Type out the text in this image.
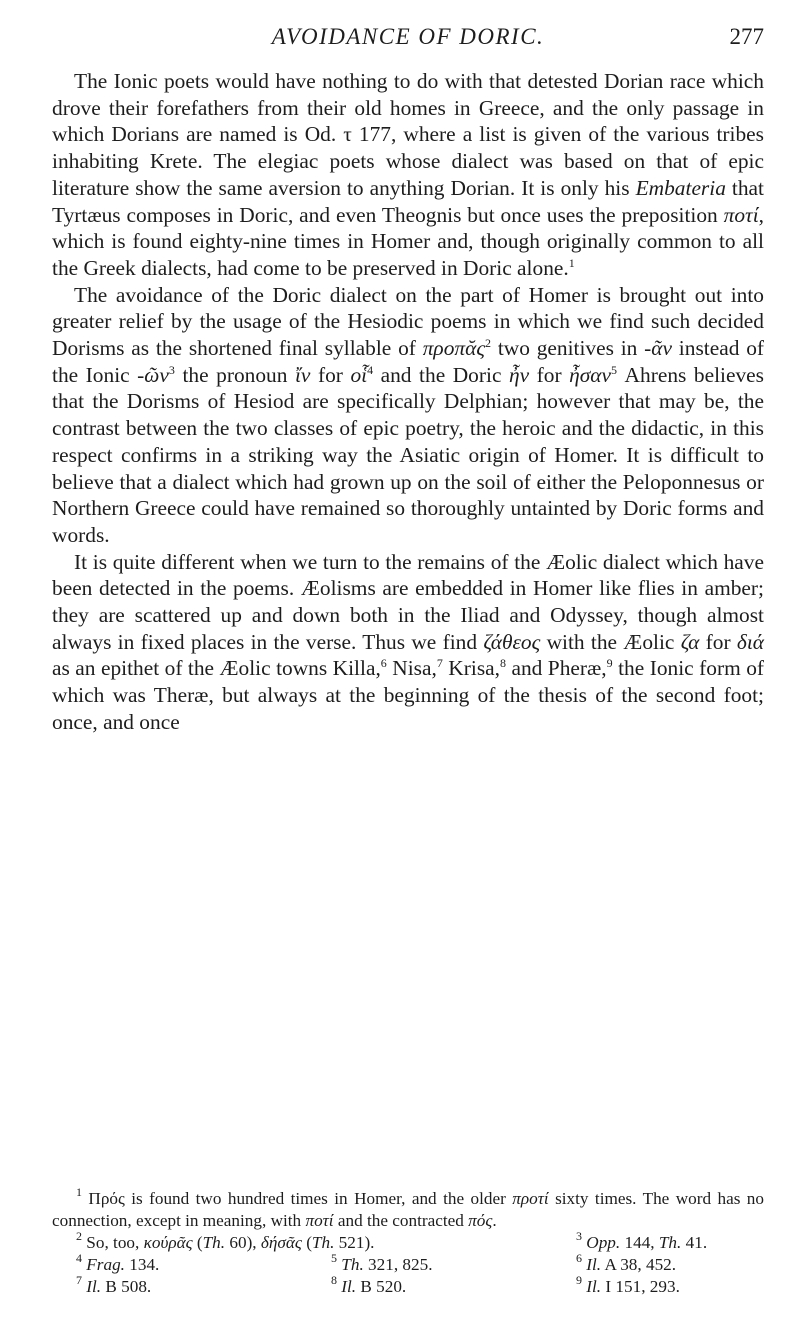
AVOIDANCE OF DORIC.	277

The Ionic poets would have nothing to do with that detested Dorian race which drove their forefathers from their old homes in Greece, and the only passage in which Dorians are named is Od. τ 177, where a list is given of the various tribes inhabiting Krete. The elegiac poets whose dialect was based on that of epic literature show the same aversion to anything Dorian. It is only his Embateria that Tyrtæus composes in Doric, and even Theognis but once uses the preposition ποτί, which is found eighty-nine times in Homer and, though originally common to all the Greek dialects, had come to be preserved in Doric alone.$^1$

The avoidance of the Doric dialect on the part of Homer is brought out into greater relief by the usage of the Hesiodic poems in which we find such decided Dorisms as the shortened final syllable of προπᾰς$^2$ two genitives in -ᾶν instead of the Ionic -ῶν$^3$ the pronoun ἴν for οἷ$^4$ and the Doric ἦν for ἦσαν$^5$ Ahrens believes that the Dorisms of Hesiod are specifically Delphian; however that may be, the contrast between the two classes of epic poetry, the heroic and the didactic, in this respect confirms in a striking way the Asiatic origin of Homer. It is difficult to believe that a dialect which had grown up on the soil of either the Peloponnesus or Northern Greece could have remained so thoroughly untainted by Doric forms and words.

It is quite different when we turn to the remains of the Æolic dialect which have been detected in the poems. Æolisms are embedded in Homer like flies in amber; they are scattered up and down both in the Iliad and Odyssey, though almost always in fixed places in the verse. Thus we find ζάθεος with the Æolic ζα for διά as an epithet of the Æolic towns Killa,$^6$ Nisa,$^7$ Krisa,$^8$ and Pheræ,$^9$ the Ionic form of which was Theræ, but always at the beginning of the thesis of the second foot; once, and once

$^1$ Πρός is found two hundred times in Homer, and the older προτί sixty times. The word has no connection, except in meaning, with ποτί and the contracted πός.

$^2$ So, too, κούρᾶς (Th. 60), δήσᾶς (Th. 521).	$^3$ Opp. 144, Th. 41.
$^4$ Frag. 134.	$^5$ Th. 321, 825.	$^6$ Il. A 38, 452.
$^7$ Il. B 508.	$^8$ Il. B 520.	$^9$ Il. I 151, 293.
